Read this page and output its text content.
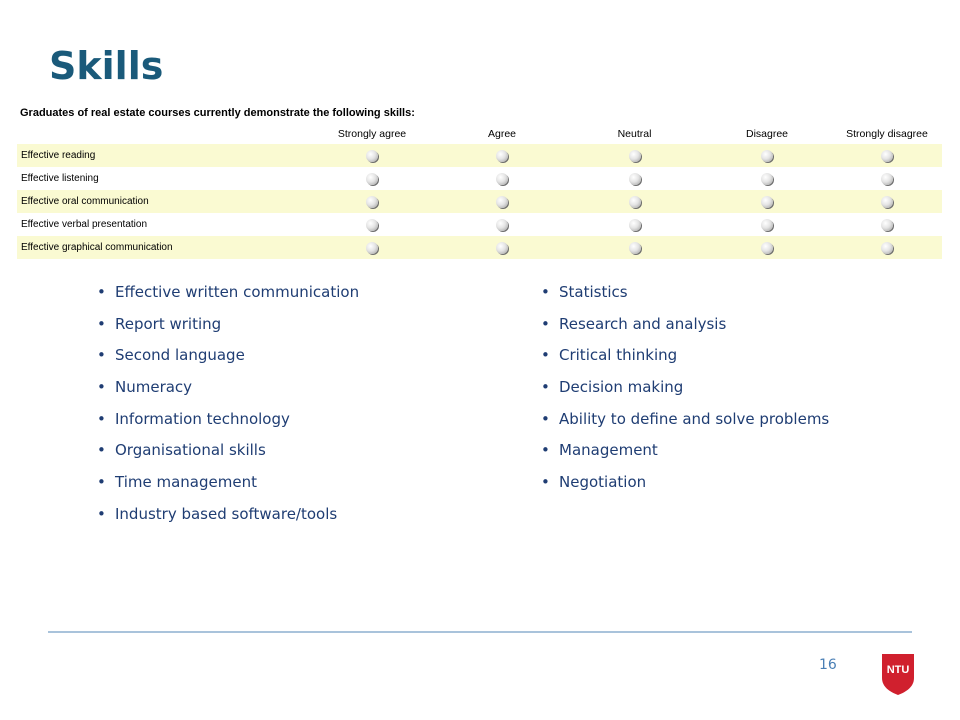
Skills
Graduates of real estate courses currently demonstrate the following skills:
	Strongly agree	Agree	Neutral	Disagree	Strongly disagree
Effective reading					
Effective listening					
Effective oral communication					
Effective verbal presentation					
Effective graphical communication					
• Effective written communication
• Report writing
• Second language
• Numeracy
• Information technology
• Organisational skills
• Time management
• Industry based software/tools
• Statistics
• Research and analysis
• Critical thinking
• Decision making
• Ability to define and solve problems
• Management
• Negotiation
16	NTU
